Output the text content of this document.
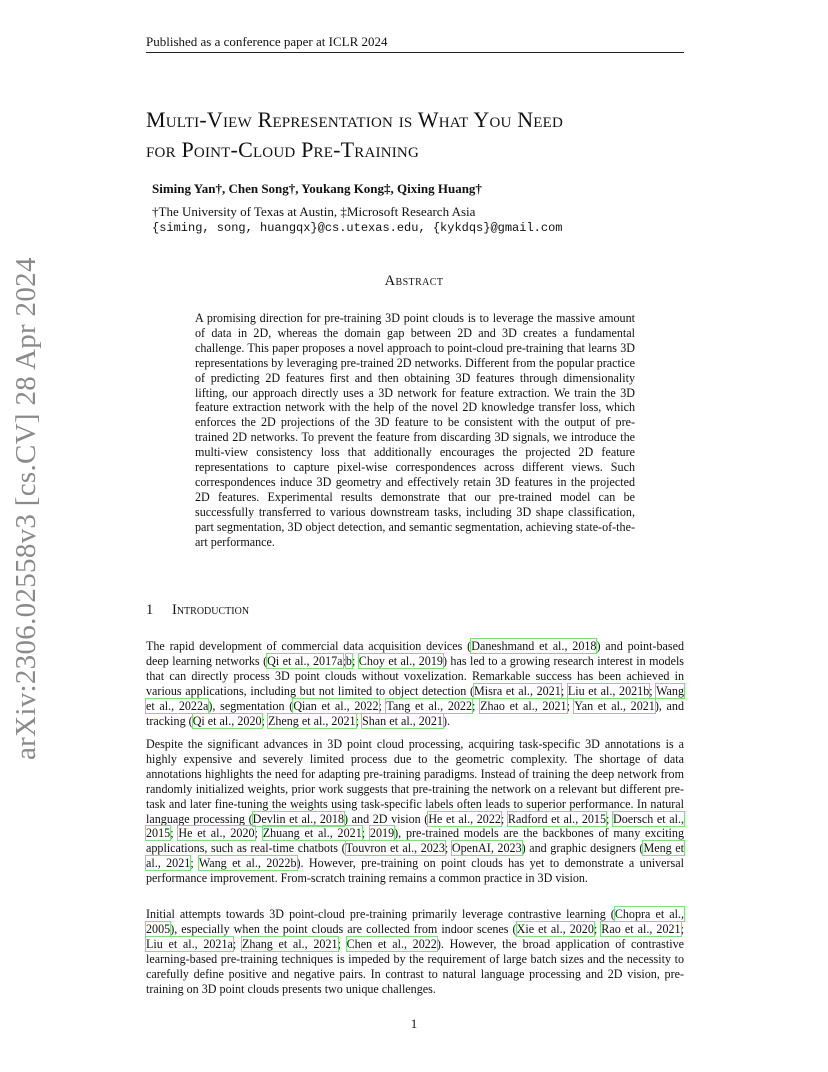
Published as a conference paper at ICLR 2024
Multi-View Representation is What You Need
for Point-Cloud Pre-Training
Siming Yan†, Chen Song†, Youkang Kong‡, Qixing Huang†
†The University of Texas at Austin, ‡Microsoft Research Asia
{siming, song, huangqx}@cs.utexas.edu, {kykdqs}@gmail.com
Abstract
A promising direction for pre-training 3D point clouds is to leverage the massive amount of data in 2D, whereas the domain gap between 2D and 3D creates a fundamental challenge. This paper proposes a novel approach to point-cloud pre-training that learns 3D representations by leveraging pre-trained 2D networks. Different from the popular practice of predicting 2D features first and then obtaining 3D features through dimensionality lifting, our approach directly uses a 3D network for feature extraction. We train the 3D feature extraction network with the help of the novel 2D knowledge transfer loss, which enforces the 2D projections of the 3D feature to be consistent with the output of pre-trained 2D networks. To prevent the feature from discarding 3D signals, we introduce the multi-view consistency loss that additionally encourages the projected 2D feature representations to capture pixel-wise correspondences across different views. Such correspondences induce 3D geometry and effectively retain 3D features in the projected 2D features. Experimental results demonstrate that our pre-trained model can be successfully transferred to various downstream tasks, including 3D shape classification, part segmentation, 3D object detection, and semantic segmentation, achieving state-of-the-art performance.
1 Introduction
The rapid development of commercial data acquisition devices (Daneshmand et al., 2018) and point-based deep learning networks (Qi et al., 2017a;b; Choy et al., 2019) has led to a growing research interest in models that can directly process 3D point clouds without voxelization. Remarkable success has been achieved in various applications, including but not limited to object detection (Misra et al., 2021; Liu et al., 2021b; Wang et al., 2022a), segmentation (Qian et al., 2022; Tang et al., 2022; Zhao et al., 2021; Yan et al., 2021), and tracking (Qi et al., 2020; Zheng et al., 2021; Shan et al., 2021).
Despite the significant advances in 3D point cloud processing, acquiring task-specific 3D annotations is a highly expensive and severely limited process due to the geometric complexity. The shortage of data annotations highlights the need for adapting pre-training paradigms. Instead of training the deep network from randomly initialized weights, prior work suggests that pre-training the network on a relevant but different pre-task and later fine-tuning the weights using task-specific labels often leads to superior performance. In natural language processing (Devlin et al., 2018) and 2D vision (He et al., 2022; Radford et al., 2015; Doersch et al., 2015; He et al., 2020; Zhuang et al., 2021; 2019), pre-trained models are the backbones of many exciting applications, such as real-time chatbots (Touvron et al., 2023; OpenAI, 2023) and graphic designers (Meng et al., 2021; Wang et al., 2022b). However, pre-training on point clouds has yet to demonstrate a universal performance improvement. From-scratch training remains a common practice in 3D vision.
Initial attempts towards 3D point-cloud pre-training primarily leverage contrastive learning (Chopra et al., 2005), especially when the point clouds are collected from indoor scenes (Xie et al., 2020; Rao et al., 2021; Liu et al., 2021a; Zhang et al., 2021; Chen et al., 2022). However, the broad application of contrastive learning-based pre-training techniques is impeded by the requirement of large batch sizes and the necessity to carefully define positive and negative pairs. In contrast to natural language processing and 2D vision, pre-training on 3D point clouds presents two unique challenges.
arXiv:2306.02558v3 [cs.CV] 28 Apr 2024
1
